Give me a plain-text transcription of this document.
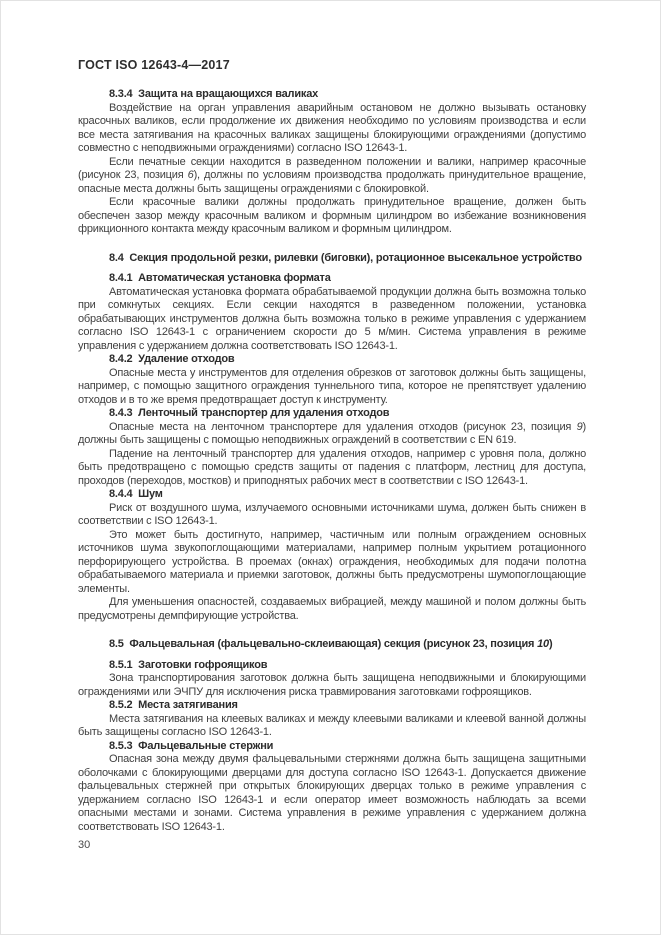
ГОСТ ISO 12643-4—2017
8.3.4  Защита на вращающихся валиках
Воздействие на орган управления аварийным остановом не должно вызывать остановку красочных валиков, если продолжение их движения необходимо по условиям производства и если все места затягивания на красочных валиках защищены блокирующими ограждениями (допустимо совместно с неподвижными ограждениями) согласно ISO 12643-1.
Если печатные секции находится в разведенном положении и валики, например красочные (рисунок 23, позиция 6), должны по условиям производства продолжать принудительное вращение, опасные места должны быть защищены ограждениями с блокировкой.
Если красочные валики должны продолжать принудительное вращение, должен быть обеспечен зазор между красочным валиком и формным цилиндром во избежание возникновения фрикционного контакта между красочным валиком и формным цилиндром.
8.4  Секция продольной резки, рилевки (биговки), ротационное высекальное устройство
8.4.1  Автоматическая установка формата
Автоматическая установка формата обрабатываемой продукции должна быть возможна только при сомкнутых секциях. Если секции находятся в разведенном положении, установка обрабатывающих инструментов должна быть возможна только в режиме управления с удержанием согласно ISO 12643-1 с ограничением скорости до 5 м/мин. Система управления в режиме управления с удержанием должна соответствовать ISO 12643-1.
8.4.2  Удаление отходов
Опасные места у инструментов для отделения обрезков от заготовок должны быть защищены, например, с помощью защитного ограждения туннельного типа, которое не препятствует удалению отходов и в то же время предотвращает доступ к инструменту.
8.4.3  Ленточный транспортер для удаления отходов
Опасные места на ленточном транспортере для удаления отходов (рисунок 23, позиция 9) должны быть защищены с помощью неподвижных ограждений в соответствии с EN 619.
Падение на ленточный транспортер для удаления отходов, например с уровня пола, должно быть предотвращено с помощью средств защиты от падения с платформ, лестниц для доступа, проходов (переходов, мостков) и приподнятых рабочих мест в соответствии с ISO 12643-1.
8.4.4  Шум
Риск от воздушного шума, излучаемого основными источниками шума, должен быть снижен в соответствии с ISO 12643-1.
Это может быть достигнуто, например, частичным или полным ограждением основных источников шума звукопоглощающими материалами, например полным укрытием ротационного перфорирующего устройства. В проемах (окнах) ограждения, необходимых для подачи полотна обрабатываемого материала и приемки заготовок, должны быть предусмотрены шумопоглощающие элементы.
Для уменьшения опасностей, создаваемых вибрацией, между машиной и полом должны быть предусмотрены демпфирующие устройства.
8.5  Фальцевальная (фальцевально-склеивающая) секция (рисунок 23, позиция 10)
8.5.1  Заготовки гофроящиков
Зона транспортирования заготовок должна быть защищена неподвижными и блокирующими ограждениями или ЭЧПУ для исключения риска травмирования заготовками гофроящиков.
8.5.2  Места затягивания
Места затягивания на клеевых валиках и между клеевыми валиками и клеевой ванной должны быть защищены согласно ISO 12643-1.
8.5.3  Фальцевальные стержни
Опасная зона между двумя фальцевальными стержнями должна быть защищена защитными оболочками с блокирующими дверцами для доступа согласно ISO 12643-1. Допускается движение фальцевальных стержней при открытых блокирующих дверцах только в режиме управления с удержанием согласно ISO 12643-1 и если оператор имеет возможность наблюдать за всеми опасными местами и зонами. Система управления в режиме управления с удержанием должна соответствовать ISO 12643-1.
30
